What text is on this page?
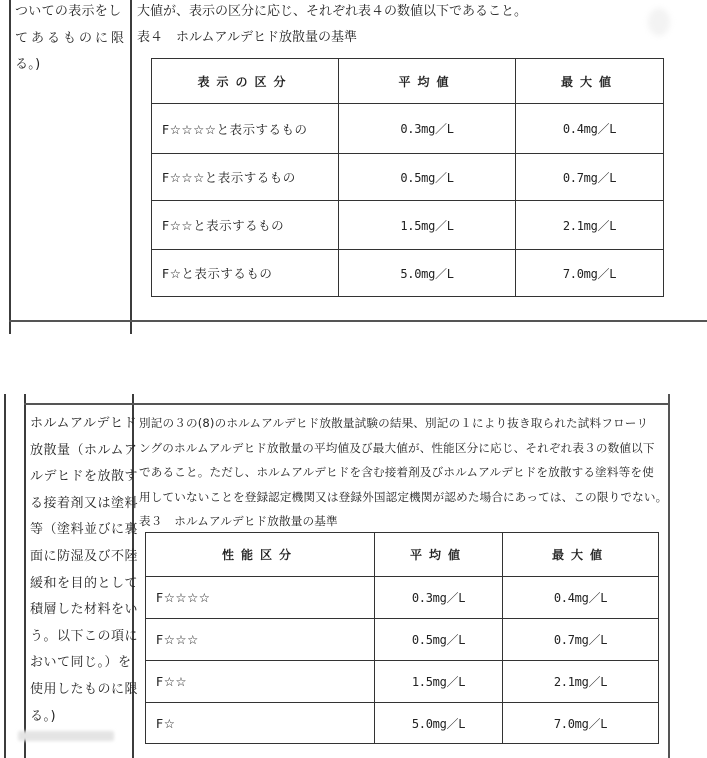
ついての表示をし
てあるものに限
る。)
大値が、表示の区分に応じ、それぞれ表４の数値以下であること。
表４　ホルムアルデヒド放散量の基準
表示の区分	平均値	最大値
F☆☆☆☆と表示するもの	0.3mg／L	0.4mg／L
F☆☆☆と表示するもの	0.5mg／L	0.7mg／L
F☆☆と表示するもの	1.5mg／L	2.1mg／L
F☆と表示するもの	5.0mg／L	7.0mg／L
ホルムアルデヒド
放散量（ホルムア
ルデヒドを放散す
る接着剤又は塗料
等（塗料並びに裏
面に防湿及び不陸
緩和を目的として
積層した材料をい
う。以下この項に
おいて同じ。）を
使用したものに限
る。)
別記の３の(8)のホルムアルデヒド放散量試験の結果、別記の１により抜き取られた試料フローリ
ングのホルムアルデヒド放散量の平均値及び最大値が、性能区分に応じ、それぞれ表３の数値以下
であること。ただし、ホルムアルデヒドを含む接着剤及びホルムアルデヒドを放散する塗料等を使
用していないことを登録認定機関又は登録外国認定機関が認めた場合にあっては、この限りでない。
表３　ホルムアルデヒド放散量の基準
性能区分	平均値	最大値
F☆☆☆☆	0.3mg／L	0.4mg／L
F☆☆☆	0.5mg／L	0.7mg／L
F☆☆	1.5mg／L	2.1mg／L
F☆	5.0mg／L	7.0mg／L
